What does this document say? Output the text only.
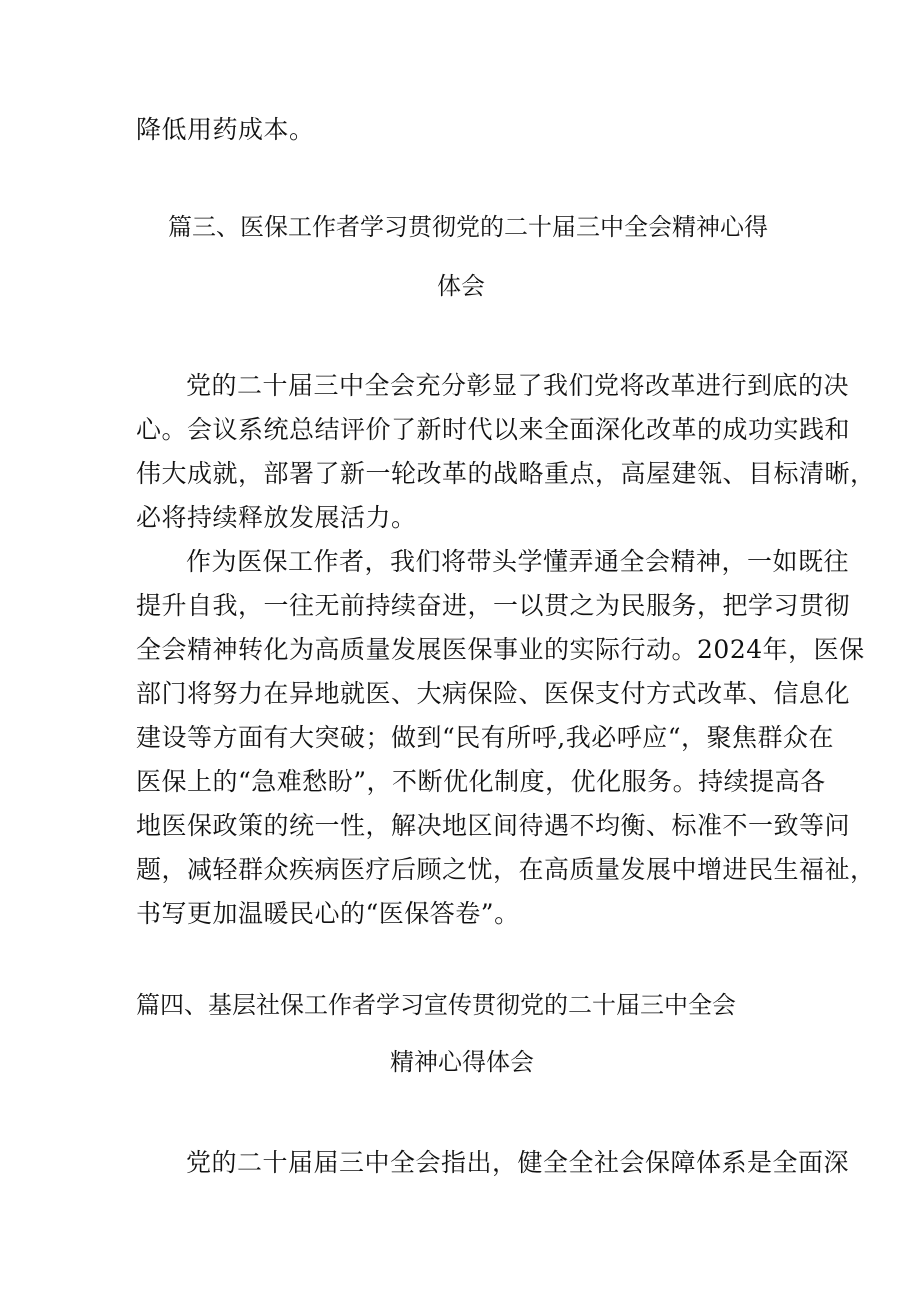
降低用药成本。
篇三、医保工作者学习贯彻党的二十届三中全会精神心得
体会
党的二十届三中全会充分彰显了我们党将改革进行到底的决
心。会议系统总结评价了新时代以来全面深化改革的成功实践和
伟大成就，部署了新一轮改革的战略重点，高屋建瓴、目标清晰，
必将持续释放发展活力。
作为医保工作者，我们将带头学懂弄通全会精神，一如既往
提升自我，一往无前持续奋进，一以贯之为民服务，把学习贯彻
全会精神转化为高质量发展医保事业的实际行动。2024年，医保
部门将努力在异地就医、大病保险、医保支付方式改革、信息化
建设等方面有大突破；做到“民有所呼,我必呼应“，聚焦群众在
医保上的“急难愁盼”，不断优化制度，优化服务。持续提高各
地医保政策的统一性，解决地区间待遇不均衡、标准不一致等问
题，减轻群众疾病医疗后顾之忧，在高质量发展中增进民生福祉，
书写更加温暖民心的“医保答卷”。
篇四、基层社保工作者学习宣传贯彻党的二十届三中全会
精神心得体会
党的二十届届三中全会指出，健全全社会保障体系是全面深
